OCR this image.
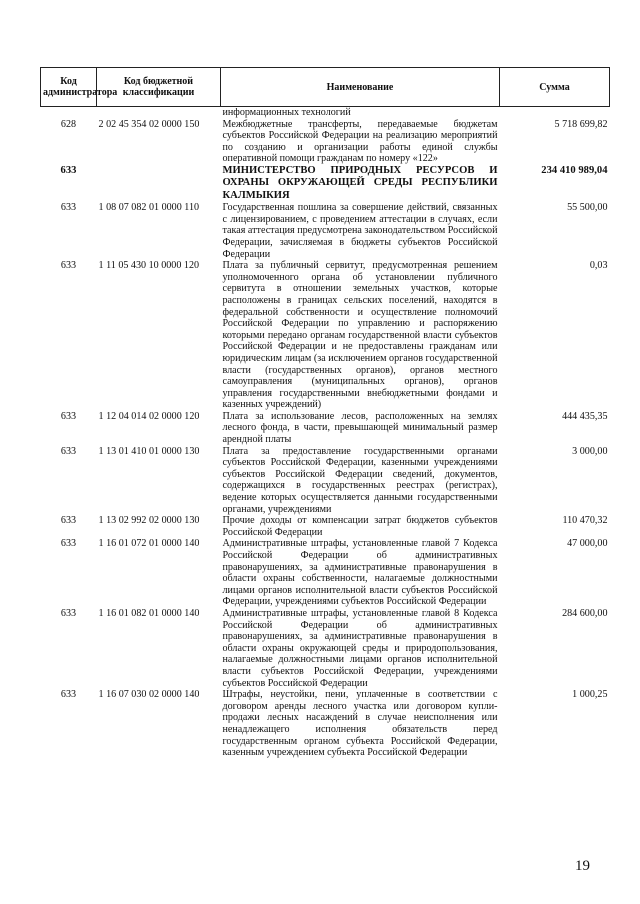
Код администратора	Код бюджетной классификации	Наименование	Сумма
		информационных технологий	
628	2 02 45 354 02 0000 150	Межбюджетные трансферты, передаваемые бюджетам субъектов Российской Федерации на реализацию мероприятий по созданию и организации работы единой службы оперативной помощи гражданам по номеру «122»	5 718 699,82
633		МИНИСТЕРСТВО ПРИРОДНЫХ РЕСУРСОВ И ОХРАНЫ ОКРУЖАЮЩЕЙ СРЕДЫ РЕСПУБЛИКИ КАЛМЫКИЯ	234 410 989,04
633	1 08 07 082 01 0000 110	Государственная пошлина за совершение действий, связанных с лицензированием, с проведением аттестации в случаях, если такая аттестация предусмотрена законодательством Российской Федерации, зачисляемая в бюджеты субъектов Российской Федерации	55 500,00
633	1 11 05 430 10 0000 120	Плата за публичный сервитут, предусмотренная решением уполномоченного органа об установлении публичного сервитута в отношении земельных участков, которые расположены в границах сельских поселений, находятся в федеральной собственности и осуществление полномочий Российской Федерации по управлению и распоряжению которыми передано органам государственной власти субъектов Российской Федерации и не предоставлены гражданам или юридическим лицам (за исключением органов государственной власти (государственных органов), органов местного самоуправления (муниципальных органов), органов управления государственными внебюджетными фондами и казенных учреждений)	0,03
633	1 12 04 014 02 0000 120	Плата за использование лесов, расположенных на землях лесного фонда, в части, превышающей минимальный размер арендной платы	444 435,35
633	1 13 01 410 01 0000 130	Плата за предоставление государственными органами субъектов Российской Федерации, казенными учреждениями субъектов Российской Федерации сведений, документов, содержащихся в государственных реестрах (регистрах), ведение которых осуществляется данными государственными органами, учреждениями	3 000,00
633	1 13 02 992 02 0000 130	Прочие доходы от компенсации затрат бюджетов субъектов Российской Федерации	110 470,32
633	1 16 01 072 01 0000 140	Административные штрафы, установленные главой 7 Кодекса Российской Федерации об административных правонарушениях, за административные правонарушения в области охраны собственности, налагаемые должностными лицами органов исполнительной власти субъектов Российской Федерации, учреждениями субъектов Российской Федерации	47 000,00
633	1 16 01 082 01 0000 140	Административные штрафы, установленные главой 8 Кодекса Российской Федерации об административных правонарушениях, за административные правонарушения в области охраны окружающей среды и природопользования, налагаемые должностными лицами органов исполнительной власти субъектов Российской Федерации, учреждениями субъектов Российской Федерации	284 600,00
633	1 16 07 030 02 0000 140	Штрафы, неустойки, пени, уплаченные в соответствии с договором аренды лесного участка или договором купли-продажи лесных насаждений в случае неисполнения или ненадлежащего исполнения обязательств перед государственным органом субъекта Российской Федерации, казенным учреждением субъекта Российской Федерации	1 000,25
19
